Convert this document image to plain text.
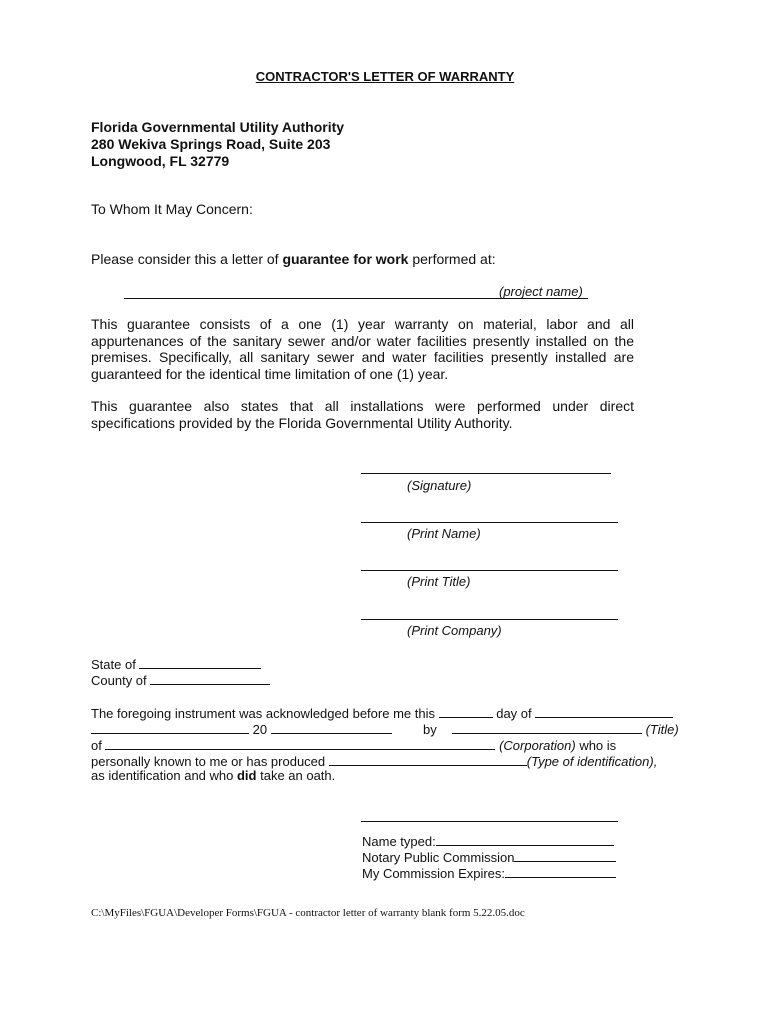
CONTRACTOR'S LETTER OF WARRANTY
Florida Governmental Utility Authority
280 Wekiva Springs Road, Suite 203
Longwood, FL 32779
To Whom It May Concern:
Please consider this a letter of guarantee for work performed at:
(project name)
This guarantee consists of a one (1) year warranty on material, labor and all appurtenances of the sanitary sewer and/or water facilities presently installed on the premises. Specifically, all sanitary sewer and water facilities presently installed are guaranteed for the identical time limitation of one (1) year.
This guarantee also states that all installations were performed under direct specifications provided by the Florida Governmental Utility Authority.
(Signature)
(Print Name)
(Print Title)
(Print Company)
State of
County of
The foregoing instrument was acknowledged before me this	day of
20	by	(Title)
of	(Corporation) who is
personally known to me or has produced	(Type of identification),
as identification and who did take an oath.
Name typed:
Notary Public Commission
My Commission Expires:
C:\MyFiles\FGUA\Developer Forms\FGUA - contractor letter of warranty blank form 5.22.05.doc
